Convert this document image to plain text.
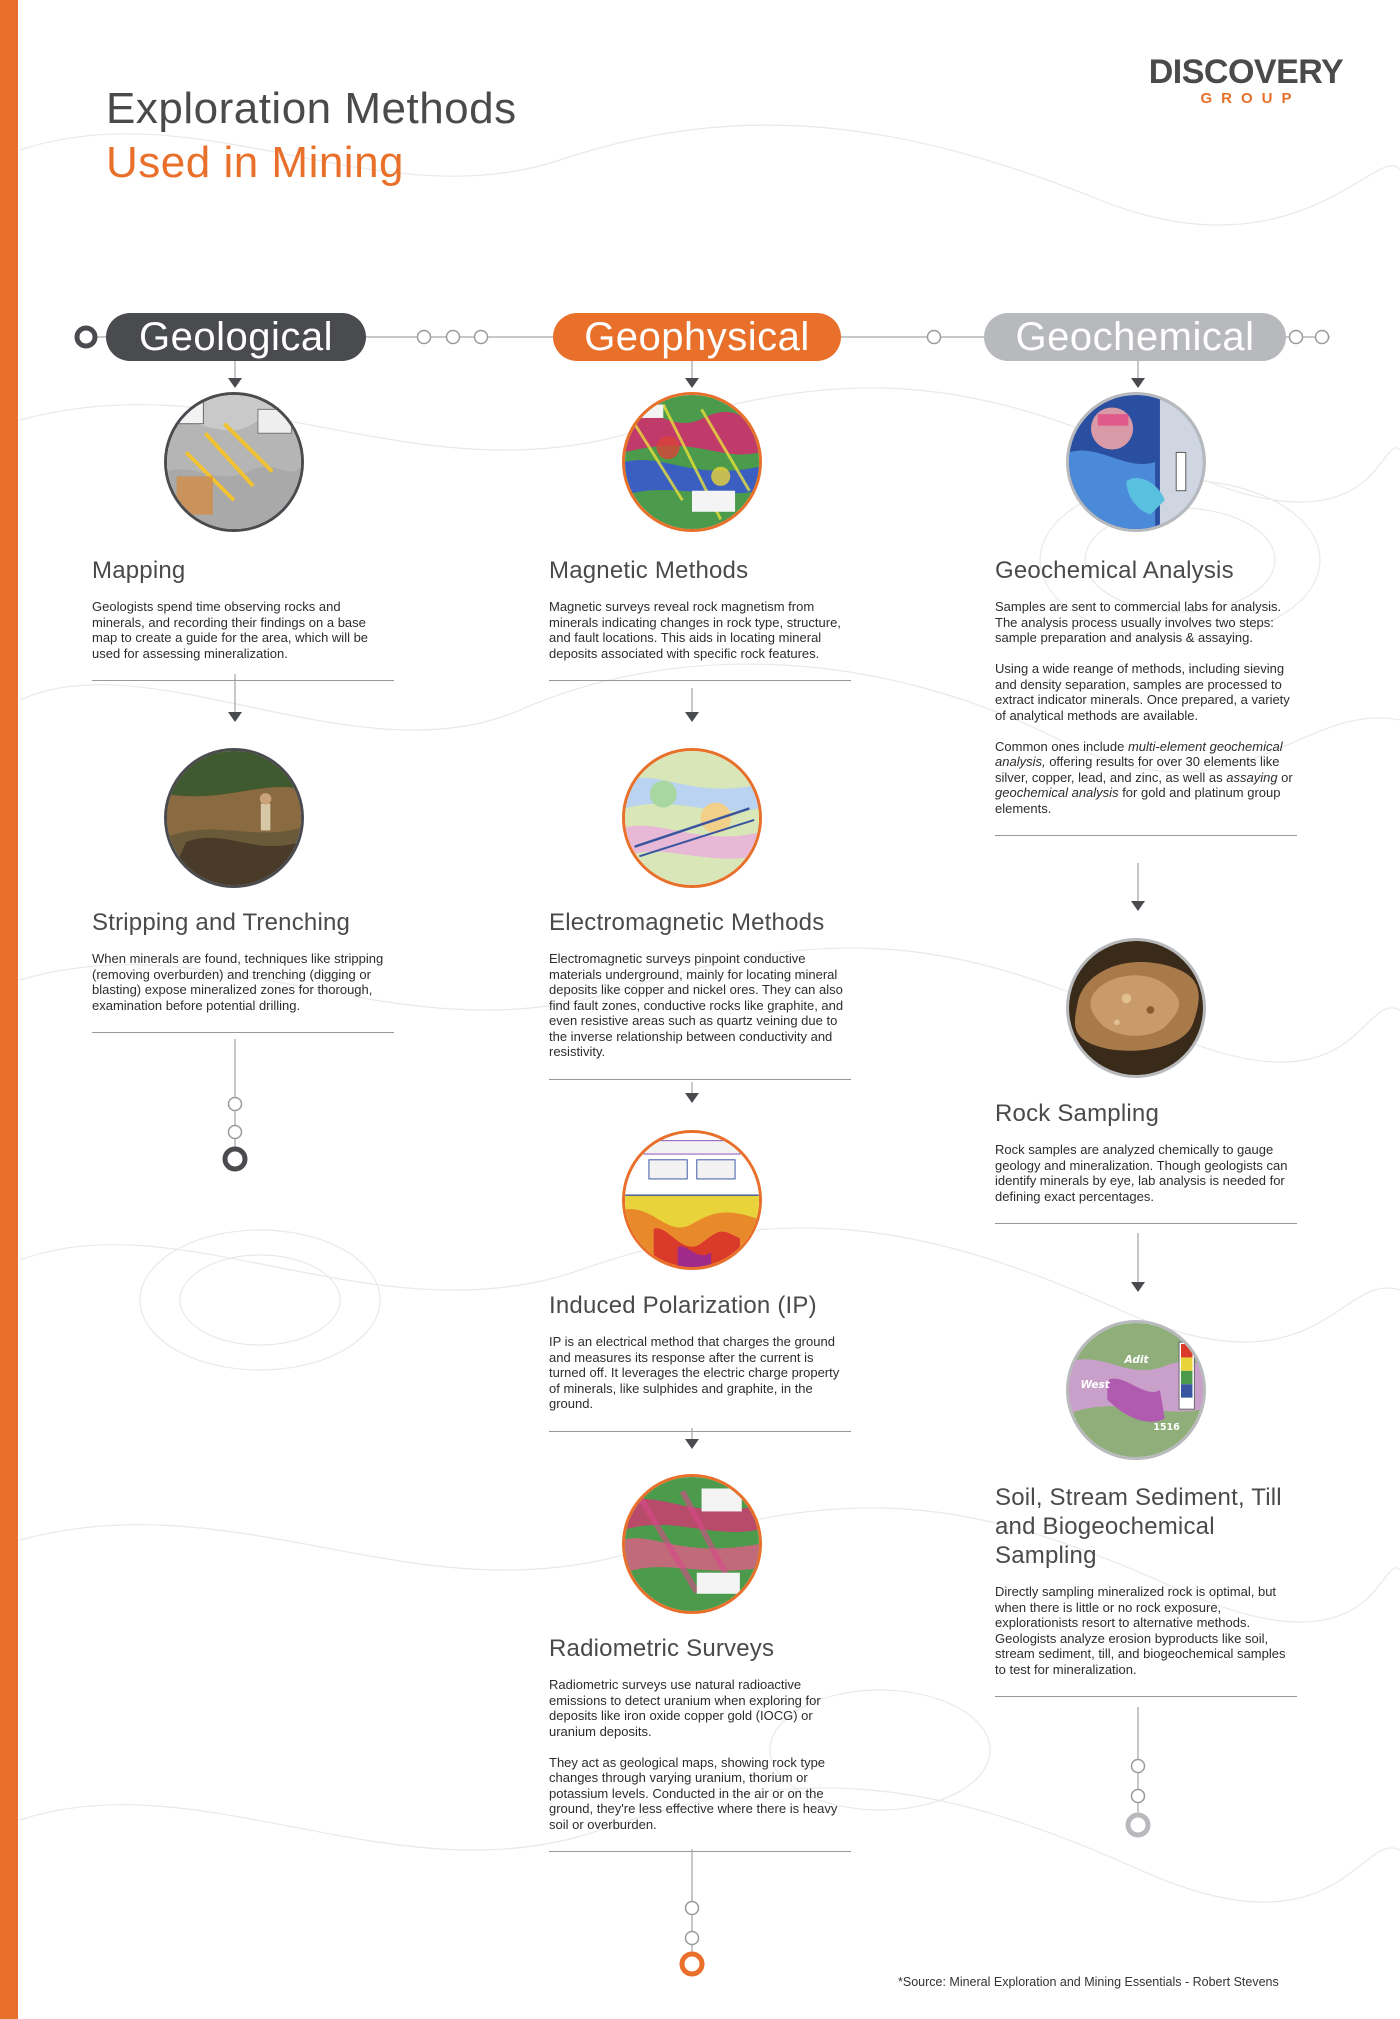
Exploration Methods
Used in Mining
DISCOVERY
GROUP
Geological	Geophysical	Geochemical
Mapping

Geologists spend time observing rocks and minerals, and recording their findings on a base map to create a guide for the area, which will be used for assessing mineralization.

Stripping and Trenching

When minerals are found, techniques like stripping (removing overburden) and trenching (digging or blasting) expose mineralized zones for thorough, examination before potential drilling.

Magnetic Methods

Magnetic surveys reveal rock magnetism from minerals indicating changes in rock type, structure, and fault locations. This aids in locating mineral deposits associated with specific rock features.

Electromagnetic Methods

Electromagnetic surveys pinpoint conductive materials underground, mainly for locating mineral deposits like copper and nickel ores. They can also find fault zones, conductive rocks like graphite, and even resistive areas such as quartz veining due to the inverse relationship between conductivity and resistivity.

Induced Polarization (IP)

IP is an electrical method that charges the ground and measures its response after the current is turned off. It leverages the electric charge property of minerals, like sulphides and graphite, in the ground.

Radiometric Surveys

Radiometric surveys use natural radioactive emissions to detect uranium when exploring for deposits like iron oxide copper gold (IOCG) or uranium deposits.

They act as geological maps, showing rock type changes through varying uranium, thorium or potassium levels. Conducted in the air or on the ground, they're less effective where there is heavy soil or overburden.

Geochemical Analysis

Samples are sent to commercial labs for analysis. The analysis process usually involves two steps: sample preparation and analysis & assaying.

Using a wide reange of methods, including sieving and density separation, samples are processed to extract indicator minerals. Once prepared, a variety of analytical methods are available.

Common ones include multi-element geochemical analysis, offering results for over 30 elements like silver, copper, lead, and zinc, as well as assaying or geochemical analysis for gold and platinum group elements.

Rock Sampling

Rock samples are analyzed chemically to gauge geology and mineralization. Though geologists can identify minerals by eye, lab analysis is needed for defining exact percentages.

West
Adit
1516
Soil, Stream Sediment, Till and Biogeochemical Sampling

Directly sampling mineralized rock is optimal, but when there is little or no rock exposure, explorationists resort to alternative methods. Geologists analyze erosion byproducts like soil, stream sediment, till, and biogeochemical samples to test for mineralization.

*Source: Mineral Exploration and Mining Essentials - Robert Stevens
